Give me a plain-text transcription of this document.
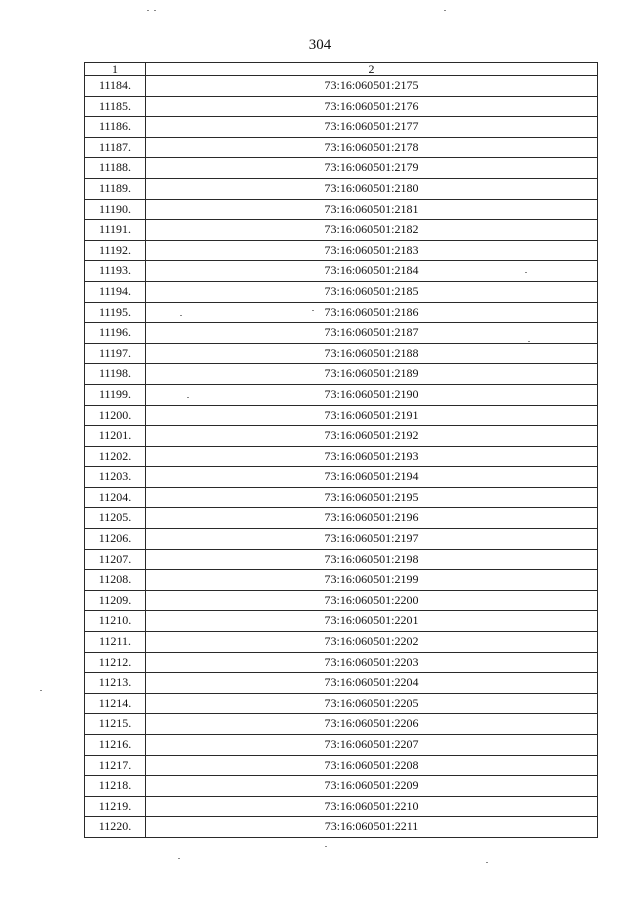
304
1	2
11184.	73:16:060501:2175
11185.	73:16:060501:2176
11186.	73:16:060501:2177
11187.	73:16:060501:2178
11188.	73:16:060501:2179
11189.	73:16:060501:2180
11190.	73:16:060501:2181
11191.	73:16:060501:2182
11192.	73:16:060501:2183
11193.	73:16:060501:2184
11194.	73:16:060501:2185
11195.	73:16:060501:2186
11196.	73:16:060501:2187
11197.	73:16:060501:2188
11198.	73:16:060501:2189
11199.	73:16:060501:2190
11200.	73:16:060501:2191
11201.	73:16:060501:2192
11202.	73:16:060501:2193
11203.	73:16:060501:2194
11204.	73:16:060501:2195
11205.	73:16:060501:2196
11206.	73:16:060501:2197
11207.	73:16:060501:2198
11208.	73:16:060501:2199
11209.	73:16:060501:2200
11210.	73:16:060501:2201
11211.	73:16:060501:2202
11212.	73:16:060501:2203
11213.	73:16:060501:2204
11214.	73:16:060501:2205
11215.	73:16:060501:2206
11216.	73:16:060501:2207
11217.	73:16:060501:2208
11218.	73:16:060501:2209
11219.	73:16:060501:2210
11220.	73:16:060501:2211
